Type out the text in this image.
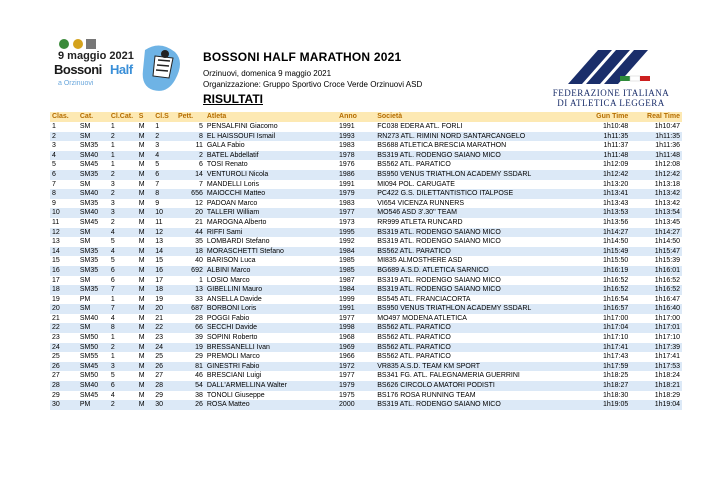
9 maggio 2021
Bossoni Half
a Orzinuovi
BOSSONI HALF MARATHON 2021
Orzinuovi, domenica 9 maggio 2021
Organizzazione: Gruppo Sportivo Croce Verde Orzinuovi ASD
RISULTATI	FEDERAZIONE ITALIANA
DI ATLETICA LEGGERA
Clas.	Cat.	Cl.Cat.	S	Cl.S	Pett.	Atleta	Anno	Società	Gun Time	Real Time
1	SM	1	M	1	5	PENSALFINI Giacomo	1991	FC038 EDERA ATL. FORLI	1h10:48	1h10:47
2	SM	2	M	2	8	EL HAISSOUFI Ismail	1993	RN273 ATL. RIMINI NORD SANTARCANGELO	1h11:35	1h11:35
3	SM35	1	M	3	11	GALA Fabio	1983	BS688 ATLETICA BRESCIA MARATHON	1h11:37	1h11:36
4	SM40	1	M	4	2	BATEL Abdellatif	1978	BS319 ATL. RODENGO SAIANO MICO	1h11:48	1h11:48
5	SM45	1	M	5	6	TOSI Renato	1976	BS562 ATL. PARATICO	1h12:09	1h12:08
6	SM35	2	M	6	14	VENTUROLI Nicola	1986	BS950 VENUS TRIATHLON ACADEMY SSDARL	1h12:42	1h12:42
7	SM	3	M	7	7	MANDELLI Loris	1991	MI094 POL. CARUGATE	1h13:20	1h13:18
8	SM40	2	M	8	656	MAIOCCHI Matteo	1979	PC422 G.S. DILETTANTISTICO ITALPOSE	1h13:41	1h13:42
9	SM35	3	M	9	12	PADOAN Marco	1983	VI654 VICENZA RUNNERS	1h13:43	1h13:42
10	SM40	3	M	10	20	TALLERI William	1977	MO546 ASD 3'.30'' TEAM	1h13:53	1h13:54
11	SM45	2	M	11	21	MAROGNA Alberto	1973	RR999 ATLETA RUNCARD	1h13:56	1h13:45
12	SM	4	M	12	44	RIFFI Sami	1995	BS319 ATL. RODENGO SAIANO MICO	1h14:27	1h14:27
13	SM	5	M	13	35	LOMBARDI Stefano	1992	BS319 ATL. RODENGO SAIANO MICO	1h14:50	1h14:50
14	SM35	4	M	14	18	MORASCHETTI Stefano	1984	BS562 ATL. PARATICO	1h15:49	1h15:47
15	SM35	5	M	15	40	BARISON Luca	1985	MI835 ALMOSTHERE ASD	1h15:50	1h15:39
16	SM35	6	M	16	692	ALBINI Marco	1985	BG689 A.S.D. ATLETICA SARNICO	1h16:19	1h16:01
17	SM	6	M	17	1	LOSIO Marco	1987	BS319 ATL. RODENGO SAIANO MICO	1h16:52	1h16:52
18	SM35	7	M	18	13	GIBELLINI Mauro	1984	BS319 ATL. RODENGO SAIANO MICO	1h16:52	1h16:52
19	PM	1	M	19	33	ANSELLA Davide	1999	BS545 ATL. FRANCIACORTA	1h16:54	1h16:47
20	SM	7	M	20	687	BORBONI Loris	1991	BS950 VENUS TRIATHLON ACADEMY SSDARL	1h16:57	1h16:40
21	SM40	4	M	21	28	POGGI Fabio	1977	MO497 MODENA ATLETICA	1h17:00	1h17:00
22	SM	8	M	22	66	SECCHI Davide	1998	BS562 ATL. PARATICO	1h17:04	1h17:01
23	SM50	1	M	23	39	SOPINI Roberto	1968	BS562 ATL. PARATICO	1h17:10	1h17:10
24	SM50	2	M	24	19	BRESSANELLI Ivan	1969	BS562 ATL. PARATICO	1h17:41	1h17:39
25	SM55	1	M	25	29	PREMOLI Marco	1966	BS562 ATL. PARATICO	1h17:43	1h17:41
26	SM45	3	M	26	81	GINESTRI Fabio	1972	VR835 A.S.D. TEAM KM SPORT	1h17:59	1h17:53
27	SM50	5	M	27	46	BRESCIANI Luigi	1977	BS341 FG. ATL. FALEGNAMERIA GUERRINI	1h18:25	1h18:24
28	SM40	6	M	28	54	DALL'ARMELLINA Walter	1979	BS626 CIRCOLO AMATORI PODISTI	1h18:27	1h18:21
29	SM45	4	M	29	38	TONOLI Giuseppe	1975	BS176 ROSA RUNNING TEAM	1h18:30	1h18:29
30	PM	2	M	30	26	ROSA Matteo	2000	BS319 ATL. RODENGO SAIANO MICO	1h19:05	1h19:04
